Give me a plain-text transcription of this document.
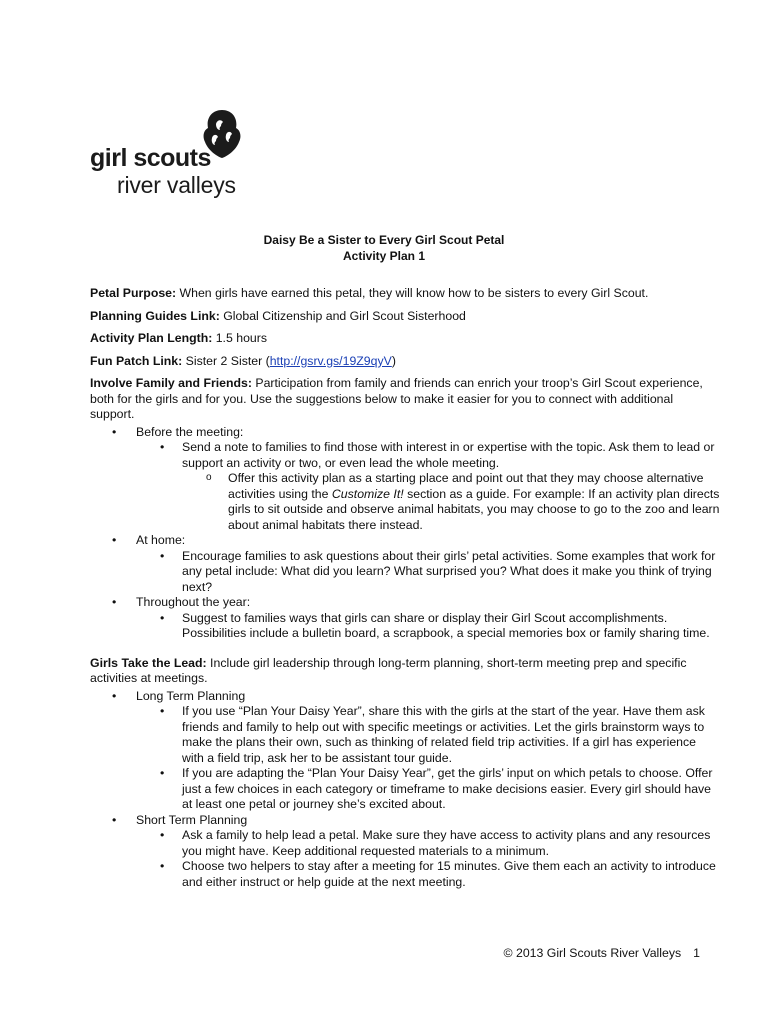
girl scouts
river valleys
Daisy Be a Sister to Every Girl Scout Petal
Activity Plan 1

Petal Purpose: When girls have earned this petal, they will know how to be sisters to every Girl Scout.

Planning Guides Link: Global Citizenship and Girl Scout Sisterhood

Activity Plan Length: 1.5 hours

Fun Patch Link: Sister 2 Sister (http://gsrv.gs/19Z9qyV)

Involve Family and Friends: Participation from family and friends can enrich your troop’s Girl Scout experience, both for the girls and for you. Use the suggestions below to make it easier for you to connect with additional support.

• Before the meeting:
• Send a note to families to find those with interest in or expertise with the topic. Ask them to lead or support an activity or two, or even lead the whole meeting.
o Offer this activity plan as a starting place and point out that they may choose alternative activities using the Customize It! section as a guide. For example: If an activity plan directs girls to sit outside and observe animal habitats, you may choose to go to the zoo and learn about animal habitats there instead.
• At home:
• Encourage families to ask questions about their girls’ petal activities. Some examples that work for any petal include: What did you learn? What surprised you? What does it make you think of trying next?
• Throughout the year:
• Suggest to families ways that girls can share or display their Girl Scout accomplishments. Possibilities include a bulletin board, a scrapbook, a special memories box or family sharing time.

Girls Take the Lead: Include girl leadership through long-term planning, short-term meeting prep and specific activities at meetings.

• Long Term Planning
• If you use “Plan Your Daisy Year”, share this with the girls at the start of the year. Have them ask friends and family to help out with specific meetings or activities. Let the girls brainstorm ways to make the plans their own, such as thinking of related field trip activities. If a girl has experience with a field trip, ask her to be assistant tour guide.
• If you are adapting the “Plan Your Daisy Year”, get the girls’ input on which petals to choose. Offer just a few choices in each category or timeframe to make decisions easier. Every girl should have at least one petal or journey she’s excited about.
• Short Term Planning
• Ask a family to help lead a petal. Make sure they have access to activity plans and any resources you might have. Keep additional requested materials to a minimum.
• Choose two helpers to stay after a meeting for 15 minutes. Give them each an activity to introduce and either instruct or help guide at the next meeting.
© 2013 Girl Scouts River Valleys 1
